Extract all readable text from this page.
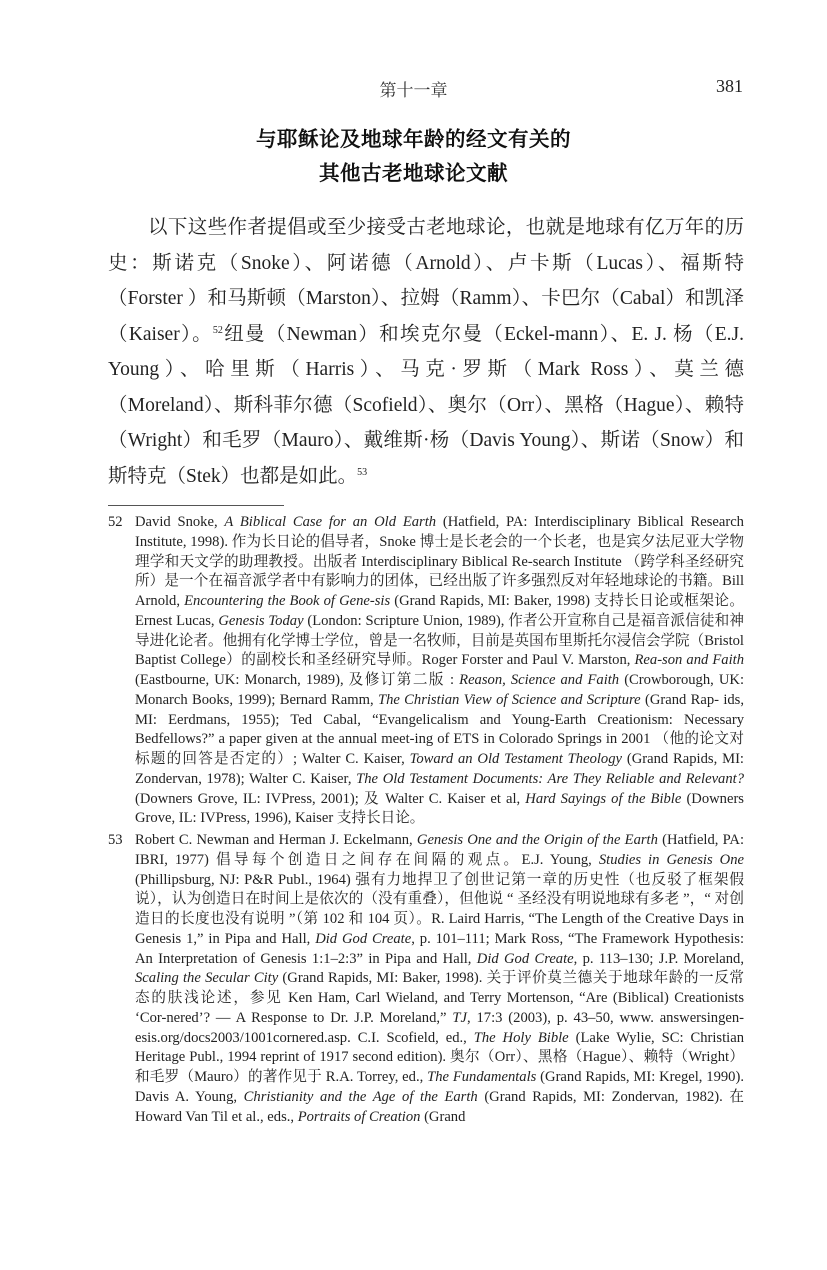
第十一章	381
与耶稣论及地球年龄的经文有关的
其他古老地球论文献

以下这些作者提倡或至少接受古老地球论，也就是地球有亿万年的历史：斯诺克（Snoke）、阿诺德（Arnold）、卢卡斯（Lucas）、福斯特（Forster ）和马斯顿（Marston）、拉姆（Ramm）、卡巴尔（Cabal）和凯泽（Kaiser）。$^{52}$纽曼（Newman）和埃克尔曼（Eckel-mann）、E. J. 杨（E.J. Young）、哈里斯（Harris）、马克·罗斯（Mark Ross）、莫兰德（Moreland）、斯科菲尔德（Scofield）、奥尔（Orr）、黑格（Hague）、赖特（Wright）和毛罗（Mauro）、戴维斯·杨（Davis Young）、斯诺（Snow）和斯特克（Stek）也都是如此。$^{53}$

52 David Snoke, A Biblical Case for an Old Earth (Hatfield, PA: Interdisciplinary Biblical Research Institute, 1998). 作为长日论的倡导者，Snoke 博士是长老会的一个长老，也是宾夕法尼亚大学物理学和天文学的助理教授。出版者 Interdisciplinary Biblical Re-search Institute （跨学科圣经研究所）是一个在福音派学者中有影响力的团体，已经出版了许多强烈反对年轻地球论的书籍。Bill Arnold, Encountering the Book of Gene-sis (Grand Rapids, MI: Baker, 1998) 支持长日论或框架论。Ernest Lucas, Genesis Today (London: Scripture Union, 1989), 作者公开宣称自己是福音派信徒和神导进化论者。他拥有化学博士学位，曾是一名牧师，目前是英国布里斯托尔浸信会学院（Bristol Baptist College）的副校长和圣经研究导师。Roger Forster and Paul V. Marston, Rea-son and Faith (Eastbourne, UK: Monarch, 1989), 及修订第二版 : Reason, Science and Faith (Crowborough, UK: Monarch Books, 1999); Bernard Ramm, The Christian View of Science and Scripture (Grand Rap- ids, MI: Eerdmans, 1955); Ted Cabal, “Evangelicalism and Young-Earth Creationism: Necessary Bedfellows?” a paper given at the annual meet-ing of ETS in Colorado Springs in 2001 （他的论文对标题的回答是否定的）; Walter C. Kaiser, Toward an Old Testament Theology (Grand Rapids, MI: Zondervan, 1978); Walter C. Kaiser, The Old Testament Documents: Are They Reliable and Relevant? (Downers Grove, IL: IVPress, 2001); 及 Walter C. Kaiser et al, Hard Sayings of the Bible (Downers Grove, IL: IVPress, 1996), Kaiser 支持长日论。
53 Robert C. Newman and Herman J. Eckelmann, Genesis One and the Origin of the Earth (Hatfield, PA: IBRI, 1977) 倡导每个创造日之间存在间隔的观点。E.J. Young, Studies in Genesis One (Phillipsburg, NJ: P&R Publ., 1964) 强有力地捍卫了创世记第一章的历史性（也反驳了框架假说），认为创造日在时间上是依次的（没有重叠），但他说 “ 圣经没有明说地球有多老 ”，“ 对创造日的长度也没有说明 ”（第 102 和 104 页）。R. Laird Harris, “The Length of the Creative Days in Genesis 1,” in Pipa and Hall, Did God Create, p. 101–111; Mark Ross, “The Framework Hypothesis: An Interpretation of Genesis 1:1–2:3” in Pipa and Hall, Did God Create, p. 113–130; J.P. Moreland, Scaling the Secular City (Grand Rapids, MI: Baker, 1998). 关于评价莫兰德关于地球年龄的一反常态的肤浅论述，参见 Ken Ham, Carl Wieland, and Terry Mortenson, “Are (Biblical) Creationists ‘Cor-nered’? — A Response to Dr. J.P. Moreland,” TJ, 17:3 (2003), p. 43–50, www. answersingen-esis.org/docs2003/1001cornered.asp. C.I. Scofield, ed., The Holy Bible (Lake Wylie, SC: Christian Heritage Publ., 1994 reprint of 1917 second edition). 奥尔（Orr）、黑格（Hague）、赖特（Wright）和毛罗（Mauro）的著作见于 R.A. Torrey, ed., The Fundamentals (Grand Rapids, MI: Kregel, 1990). Davis A. Young, Christianity and the Age of the Earth (Grand Rapids, MI: Zondervan, 1982). 在 Howard Van Til et al., eds., Portraits of Creation (Grand
